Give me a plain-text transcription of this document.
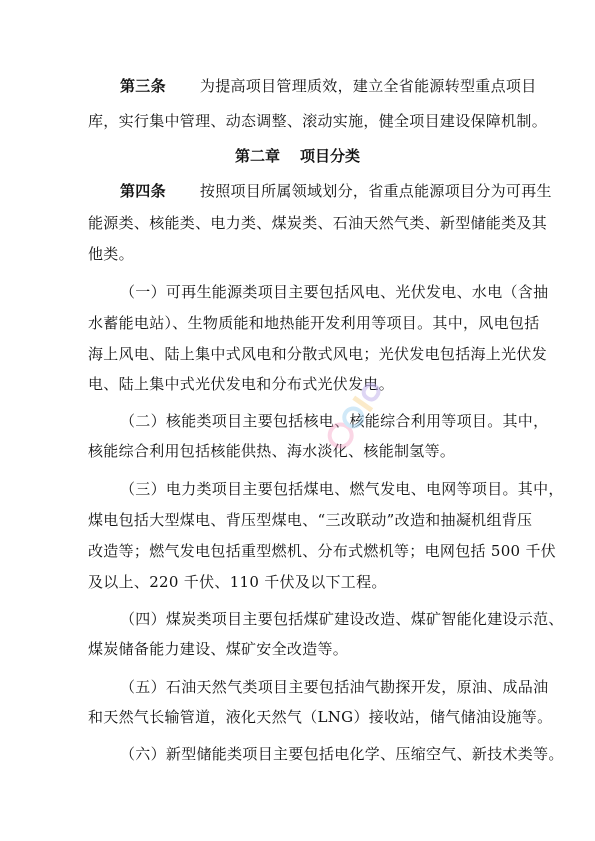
第三条 为提高项目管理质效，建立全省能源转型重点项目
库，实行集中管理、动态调整、滚动实施，健全项目建设保障机制。
第二章 项目分类
第四条 按照项目所属领域划分，省重点能源项目分为可再生
能源类、核能类、电力类、煤炭类、石油天然气类、新型储能类及其
他类。
（一）可再生能源类项目主要包括风电、光伏发电、水电（含抽
水蓄能电站）、生物质能和地热能开发利用等项目。其中，风电包括
海上风电、陆上集中式风电和分散式风电；光伏发电包括海上光伏发
电、陆上集中式光伏发电和分布式光伏发电。
（二）核能类项目主要包括核电、核能综合利用等项目。其中，
核能综合利用包括核能供热、海水淡化、核能制氢等。
（三）电力类项目主要包括煤电、燃气发电、电网等项目。其中，
煤电包括大型煤电、背压型煤电、“三改联动”改造和抽凝机组背压
改造等；燃气发电包括重型燃机、分布式燃机等；电网包括 500 千伏
及以上、220 千伏、110 千伏及以下工程。
（四）煤炭类项目主要包括煤矿建设改造、煤矿智能化建设示范、
煤炭储备能力建设、煤矿安全改造等。
（五）石油天然气类项目主要包括油气勘探开发，原油、成品油
和天然气长输管道，液化天然气（LNG）接收站，储气储油设施等。
（六）新型储能类项目主要包括电化学、压缩空气、新技术类等。
